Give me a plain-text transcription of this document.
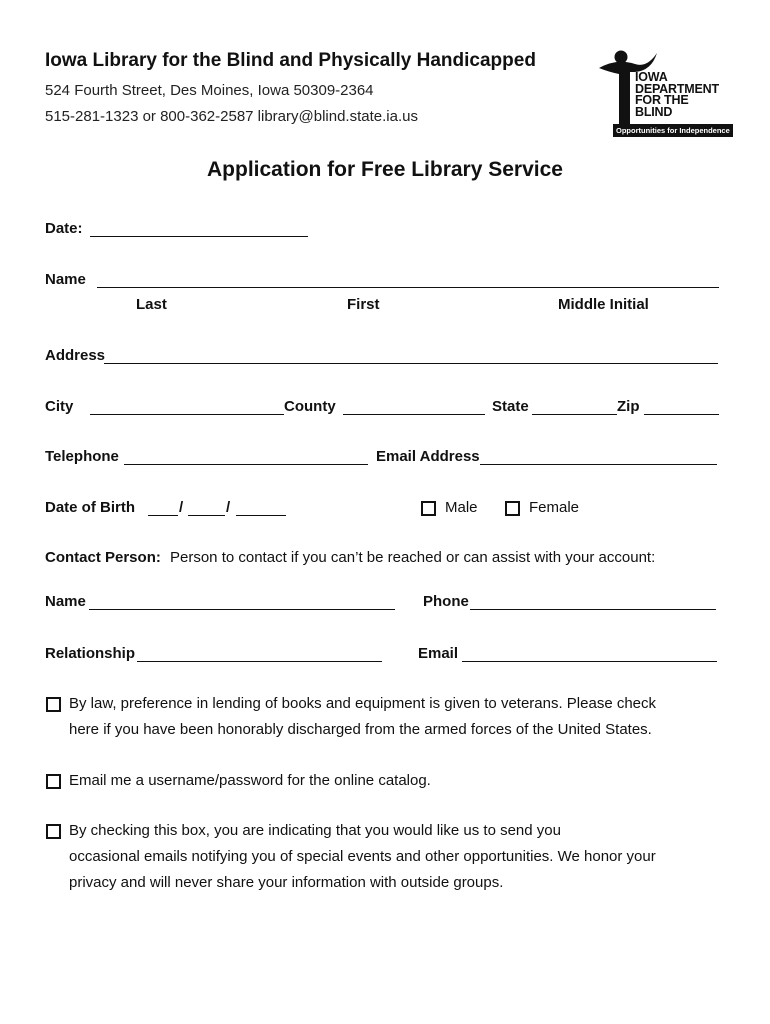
Iowa Library for the Blind and Physically Handicapped
524 Fourth Street, Des Moines, Iowa 50309-2364
515-281-1323 or 800-362-2587 library@blind.state.ia.us
IOWA
DEPARTMENT
FOR THE
BLIND
Opportunities for Independence
Application for Free Library Service
Date:
Name
Last	First	Middle Initial
Address
City	County	State	Zip
Telephone	Email Address
Date of Birth	/	/	Male	Female
Contact Person: Person to contact if you can’t be reached or can assist with your account:
Name	Phone
Relationship	Email
By law, preference in lending of books and equipment is given to veterans. Please check
here if you have been honorably discharged from the armed forces of the United States.
Email me a username/password for the online catalog.
By checking this box, you are indicating that you would like us to send you
occasional emails notifying you of special events and other opportunities. We honor your
privacy and will never share your information with outside groups.
